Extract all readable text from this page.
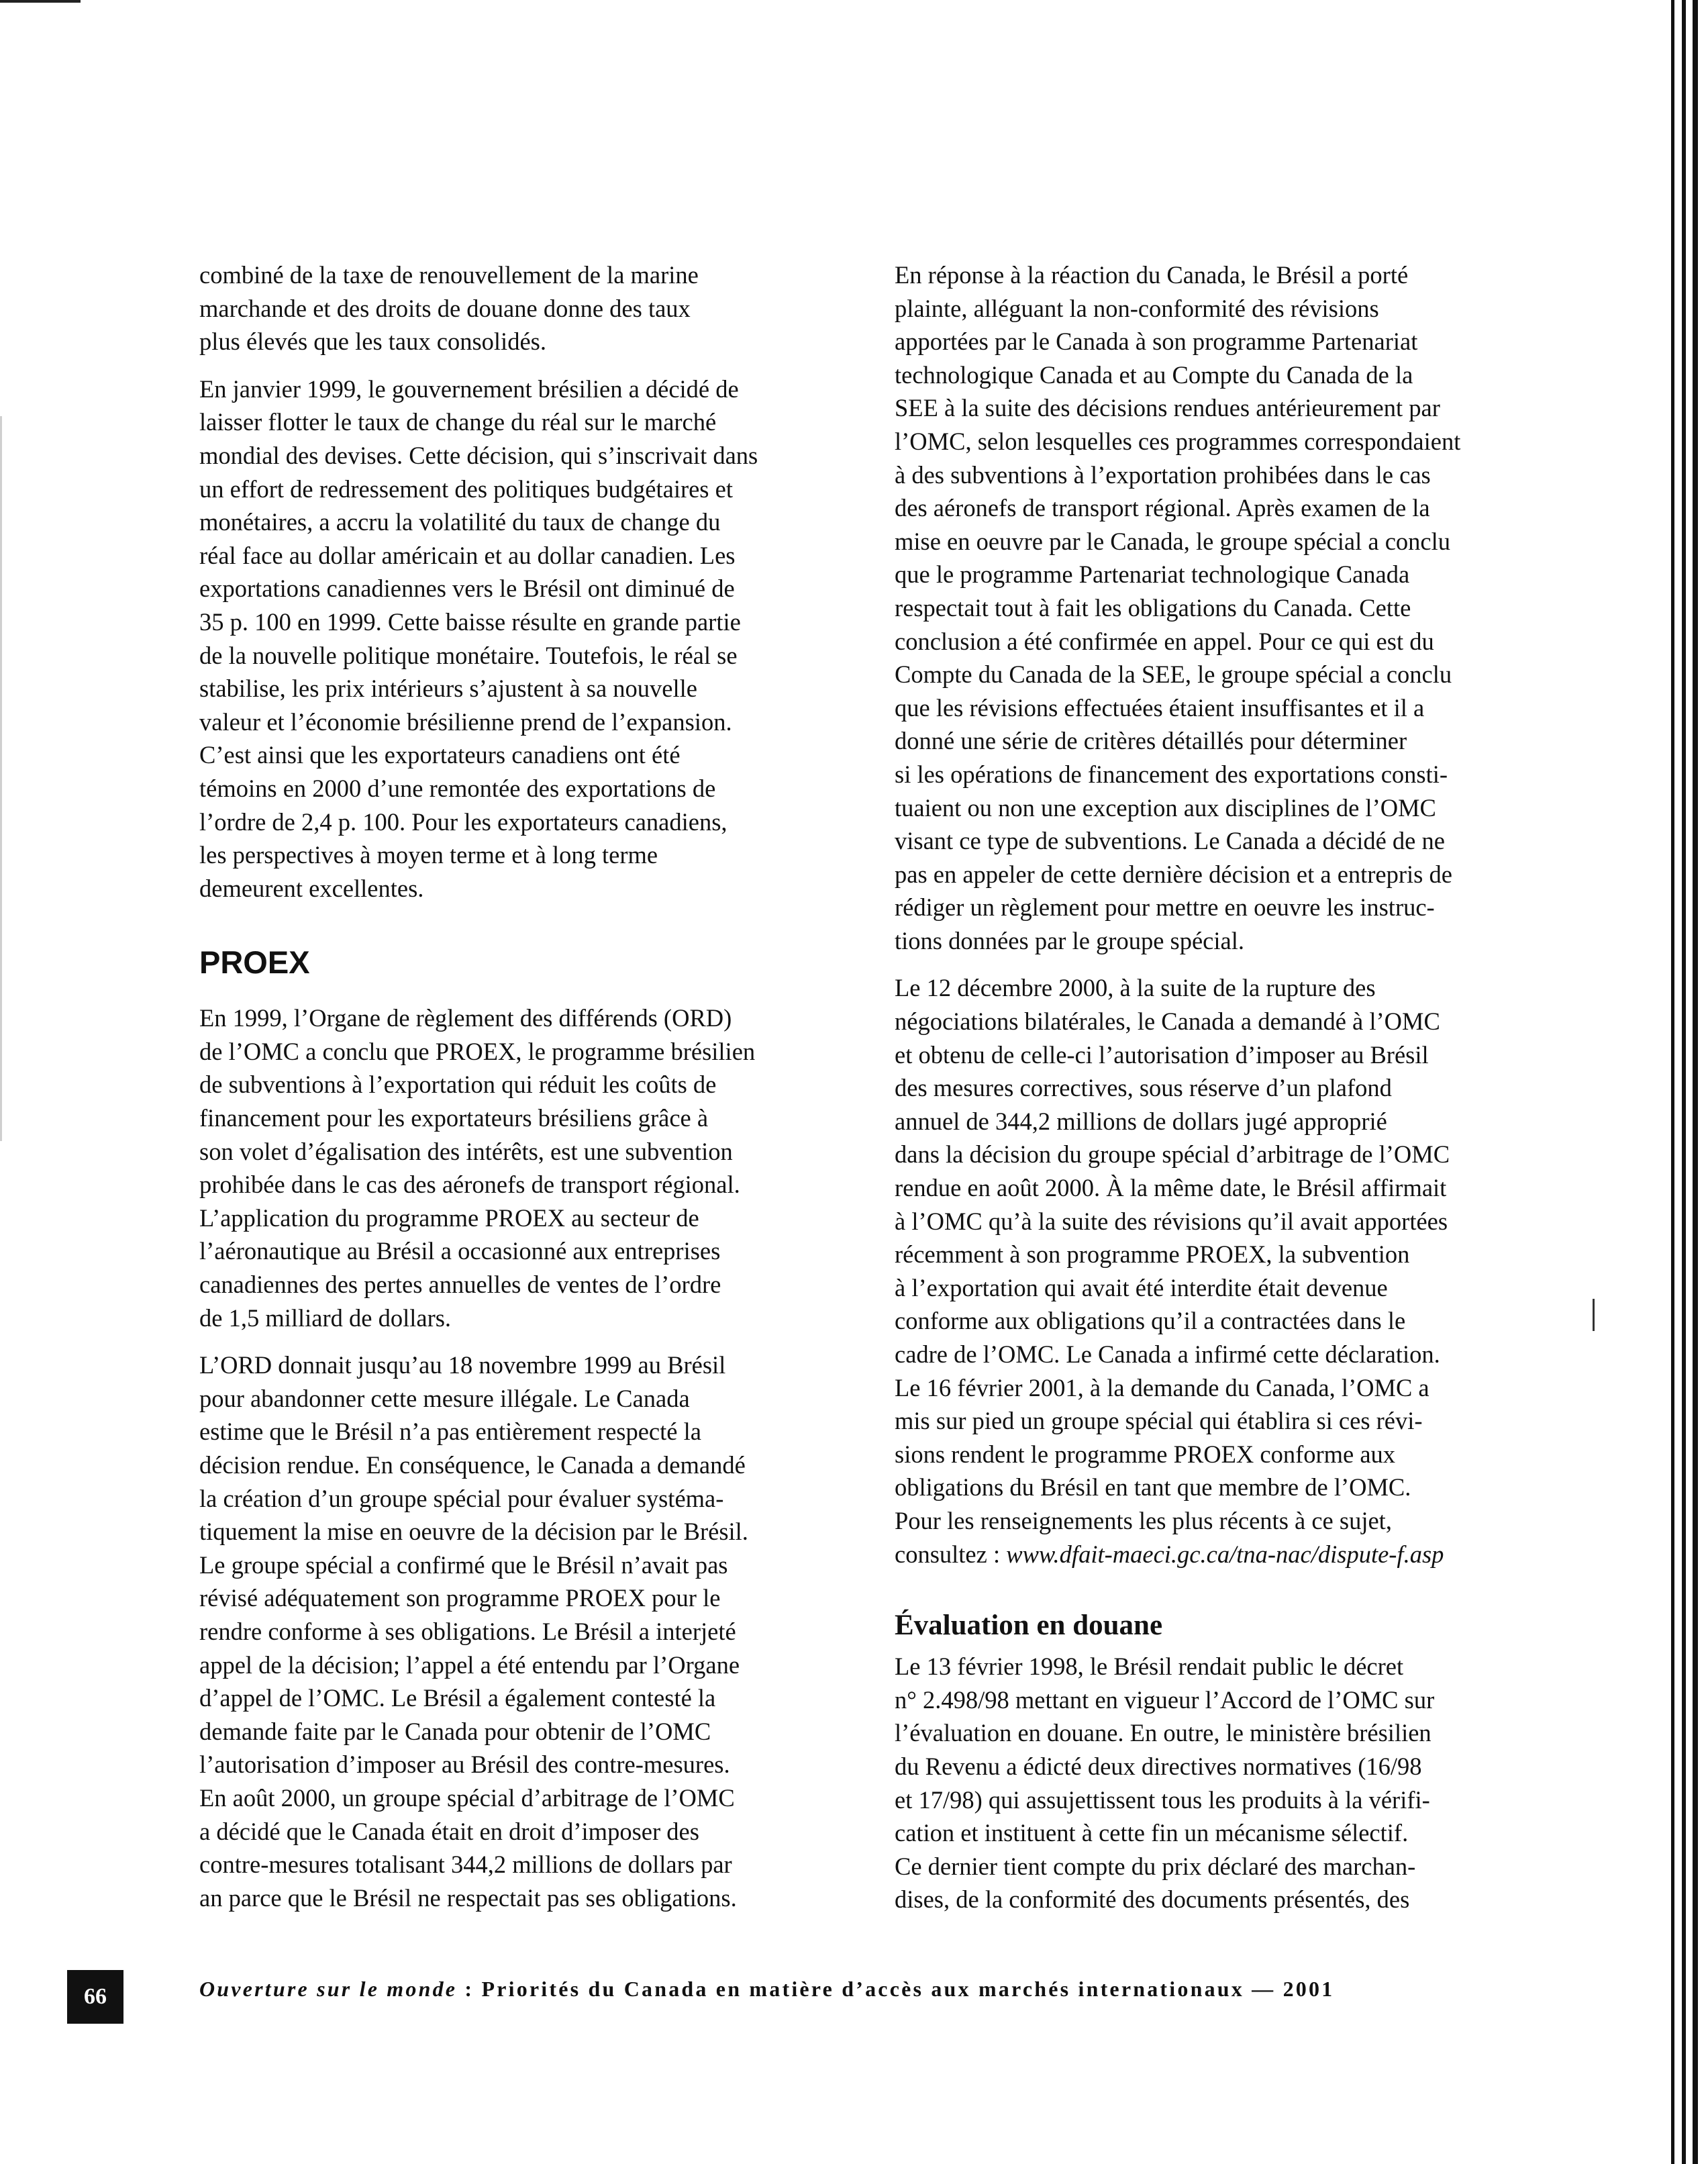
combiné de la taxe de renouvellement de la marine
marchande et des droits de douane donne des taux
plus élevés que les taux consolidés.

En janvier 1999, le gouvernement brésilien a décidé de
laisser flotter le taux de change du réal sur le marché
mondial des devises. Cette décision, qui s’inscrivait dans
un effort de redressement des politiques budgétaires et
monétaires, a accru la volatilité du taux de change du
réal face au dollar américain et au dollar canadien. Les
exportations canadiennes vers le Brésil ont diminué de
35 p. 100 en 1999. Cette baisse résulte en grande partie
de la nouvelle politique monétaire. Toutefois, le réal se
stabilise, les prix intérieurs s’ajustent à sa nouvelle
valeur et l’économie brésilienne prend de l’expansion.
C’est ainsi que les exportateurs canadiens ont été
témoins en 2000 d’une remontée des exportations de
l’ordre de 2,4 p. 100. Pour les exportateurs canadiens,
les perspectives à moyen terme et à long terme
demeurent excellentes.

PROEX

En 1999, l’Organe de règlement des différends (ORD)
de l’OMC a conclu que PROEX, le programme brésilien
de subventions à l’exportation qui réduit les coûts de
financement pour les exportateurs brésiliens grâce à
son volet d’égalisation des intérêts, est une subvention
prohibée dans le cas des aéronefs de transport régional.
L’application du programme PROEX au secteur de
l’aéronautique au Brésil a occasionné aux entreprises
canadiennes des pertes annuelles de ventes de l’ordre
de 1,5 milliard de dollars.

L’ORD donnait jusqu’au 18 novembre 1999 au Brésil
pour abandonner cette mesure illégale. Le Canada
estime que le Brésil n’a pas entièrement respecté la
décision rendue. En conséquence, le Canada a demandé
la création d’un groupe spécial pour évaluer systéma-
tiquement la mise en oeuvre de la décision par le Brésil.
Le groupe spécial a confirmé que le Brésil n’avait pas
révisé adéquatement son programme PROEX pour le
rendre conforme à ses obligations. Le Brésil a interjeté
appel de la décision; l’appel a été entendu par l’Organe
d’appel de l’OMC. Le Brésil a également contesté la
demande faite par le Canada pour obtenir de l’OMC
l’autorisation d’imposer au Brésil des contre-mesures.
En août 2000, un groupe spécial d’arbitrage de l’OMC
a décidé que le Canada était en droit d’imposer des
contre-mesures totalisant 344,2 millions de dollars par
an parce que le Brésil ne respectait pas ses obligations.

En réponse à la réaction du Canada, le Brésil a porté
plainte, alléguant la non-conformité des révisions
apportées par le Canada à son programme Partenariat
technologique Canada et au Compte du Canada de la
SEE à la suite des décisions rendues antérieurement par
l’OMC, selon lesquelles ces programmes correspondaient
à des subventions à l’exportation prohibées dans le cas
des aéronefs de transport régional. Après examen de la
mise en oeuvre par le Canada, le groupe spécial a conclu
que le programme Partenariat technologique Canada
respectait tout à fait les obligations du Canada. Cette
conclusion a été confirmée en appel. Pour ce qui est du
Compte du Canada de la SEE, le groupe spécial a conclu
que les révisions effectuées étaient insuffisantes et il a
donné une série de critères détaillés pour déterminer
si les opérations de financement des exportations consti-
tuaient ou non une exception aux disciplines de l’OMC
visant ce type de subventions. Le Canada a décidé de ne
pas en appeler de cette dernière décision et a entrepris de
rédiger un règlement pour mettre en oeuvre les instruc-
tions données par le groupe spécial.

Le 12 décembre 2000, à la suite de la rupture des
négociations bilatérales, le Canada a demandé à l’OMC
et obtenu de celle-ci l’autorisation d’imposer au Brésil
des mesures correctives, sous réserve d’un plafond
annuel de 344,2 millions de dollars jugé approprié
dans la décision du groupe spécial d’arbitrage de l’OMC
rendue en août 2000. À la même date, le Brésil affirmait
à l’OMC qu’à la suite des révisions qu’il avait apportées
récemment à son programme PROEX, la subvention
à l’exportation qui avait été interdite était devenue
conforme aux obligations qu’il a contractées dans le
cadre de l’OMC. Le Canada a infirmé cette déclaration.
Le 16 février 2001, à la demande du Canada, l’OMC a
mis sur pied un groupe spécial qui établira si ces révi-
sions rendent le programme PROEX conforme aux
obligations du Brésil en tant que membre de l’OMC.
Pour les renseignements les plus récents à ce sujet,
consultez : www.dfait-maeci.gc.ca/tna-nac/dispute-f.asp

Évaluation en douane

Le 13 février 1998, le Brésil rendait public le décret
n° 2.498/98 mettant en vigueur l’Accord de l’OMC sur
l’évaluation en douane. En outre, le ministère brésilien
du Revenu a édicté deux directives normatives (16/98
et 17/98) qui assujettissent tous les produits à la vérifi-
cation et instituent à cette fin un mécanisme sélectif.
Ce dernier tient compte du prix déclaré des marchan-
dises, de la conformité des documents présentés, des

66	Ouverture sur le monde : Priorités du Canada en matière d’accès aux marchés internationaux — 2001
